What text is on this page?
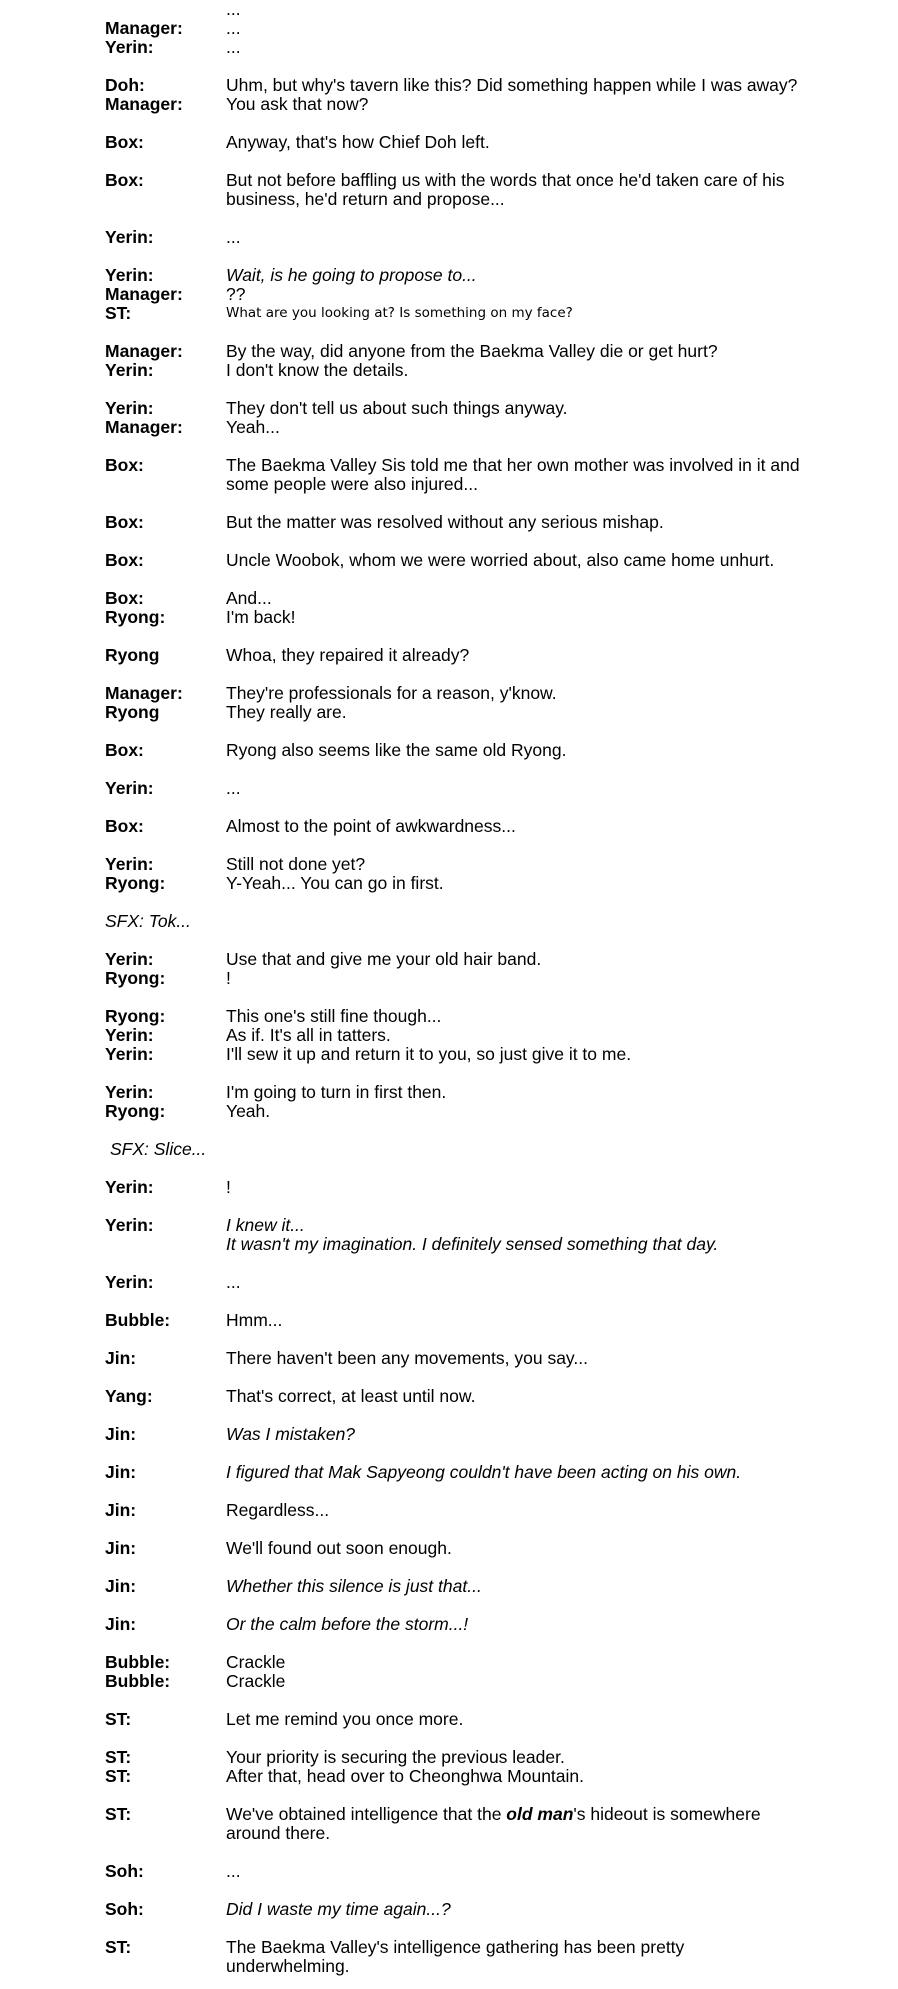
...
Manager:	...
Yerin:	...
Doh:	Uhm, but why's tavern like this? Did something happen while I was away?
Manager:	You ask that now?
Box:	Anyway, that's how Chief Doh left.
Box:	But not before baffling us with the words that once he'd taken care of his business, he'd return and propose...
Yerin:	...
Yerin:	Wait, is he going to propose to...
Manager:	??
ST:	What are you looking at? Is something on my face?
Manager:	By the way, did anyone from the Baekma Valley die or get hurt?
Yerin:	I don't know the details.
Yerin:	They don't tell us about such things anyway.
Manager:	Yeah...
Box:	The Baekma Valley Sis told me that her own mother was involved in it and some people were also injured...
Box:	But the matter was resolved without any serious mishap.
Box:	Uncle Woobok, whom we were worried about, also came home unhurt.
Box:	And...
Ryong:	I'm back!
Ryong	Whoa, they repaired it already?
Manager:	They're professionals for a reason, y'know.
Ryong	They really are.
Box:	Ryong also seems like the same old Ryong.
Yerin:	...
Box:	Almost to the point of awkwardness...
Yerin:	Still not done yet?
Ryong:	Y-Yeah... You can go in first.
SFX: Tok...
Yerin:	Use that and give me your old hair band.
Ryong:	!
Ryong:	This one's still fine though...
Yerin:	As if. It's all in tatters.
Yerin:	I'll sew it up and return it to you, so just give it to me.
Yerin:	I'm going to turn in first then.
Ryong:	Yeah.
SFX: Slice...
Yerin:	!
Yerin:	I knew it...
It wasn't my imagination. I definitely sensed something that day.
Yerin:	...
Bubble:	Hmm...
Jin:	There haven't been any movements, you say...
Yang:	That's correct, at least until now.
Jin:	Was I mistaken?
Jin:	I figured that Mak Sapyeong couldn't have been acting on his own.
Jin:	Regardless...
Jin:	We'll found out soon enough.
Jin:	Whether this silence is just that...
Jin:	Or the calm before the storm...!
Bubble:	Crackle
Bubble:	Crackle
ST:	Let me remind you once more.
ST:	Your priority is securing the previous leader.
ST:	After that, head over to Cheonghwa Mountain.
ST:	We've obtained intelligence that the old man's hideout is somewhere around there.
Soh:	...
Soh:	Did I waste my time again...?
ST:	The Baekma Valley's intelligence gathering has been pretty underwhelming.
